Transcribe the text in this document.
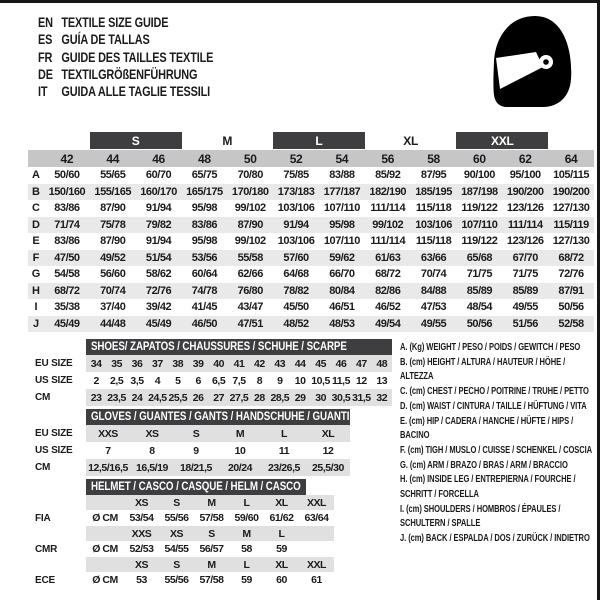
EN TEXTILE SIZE GUIDE
ES GUÍA DE TALLAS
FR GUIDE DES TAILLES TEXTILE
DE TEXTILGRÖßENFÜHRUNG
IT	GUIDA ALLE TAGLIE TESSILI
S	M	L	XL	XXL
42	44	46	48	50	52	54	56	58	60	62	64
A	50/60	55/65	60/70	65/75	70/80	75/85	83/88	85/92	87/95	90/100	95/100	105/115
B 150/160 155/165 160/170 165/175 170/180 173/183 177/187 182/190 185/195 187/198 190/200 190/200
C	83/86	87/90	91/94	95/98	99/102	103/106 107/110 111/114 115/118 119/122 123/126 127/130
D	71/74	75/78	79/82	83/86	87/90	91/94	95/98	99/102	103/106 107/110 111/114 115/119
E	83/86	87/90	91/94	95/98	99/102	103/106 107/110 111/114 115/118 119/122 123/126 127/130
F	47/50	49/52	51/54	53/56	55/58	57/60	59/62	61/63	63/66	65/68	67/70	68/72
G	54/58	56/60	58/62	60/64	62/66	64/68	66/70	68/72	70/74	71/75	71/75	72/76
H	68/72	70/74	72/76	74/78	76/80	78/82	80/84	82/86	84/88	85/89	85/89	87/91
I	35/38	37/40	39/42	41/45	43/47	45/50	46/51	46/52	47/53	48/54	49/55	50/56
J	45/49	44/48	45/49	46/50	47/51	48/52	48/53	49/54	49/55	50/56	51/56	52/58
SHOES/ ZAPATOS / CHAUSSURES / SCHUHE / SCARPE
EU SIZE	34 35 36 37 38 39 40 41 42 43 44 45 46 47 48
US SIZE	2	2,5 3,5	4	5	6	6,5 7,5	8	9	10 10,5 11,5 12 13
CM	23 23,5 24 24,5 25,5 26 27 27,5 28 28,5 29 30 30,5 31,5 32
GLOVES / GUANTES / GANTS / HANDSCHUHE / GUANTI
EU SIZE	XXS	XS	S	M	L	XL
US SIZE	7	8	9	10	11	12
CM	12,5/16,5 16,5/19	18/21,5	20/24	23/26,5	25,5/30
HELMET / CASCO / CASQUE / HELM / CASCO
XS	S	M	L	XL	XXL
FIA	Ø CM	53/54	55/56	57/58	59/60	61/62	63/64
XXS	XS	S	M	L
CMR	Ø CM	52/53	54/55	56/57	58	59
XS	S	M	L	XL	XXL
ECE	Ø CM	53	55/56	57/58	59	60	61
A. (Kg) WEIGHT / PESO / POIDS / GEWITCH / PESO
B. (cm) HEIGHT / ALTURA / HAUTEUR / HÖHE / ALTEZZA
C. (cm) CHEST / PECHO / POITRINE / TRUHE / PETTO
D. (cm) WAIST / CINTURA / TAILLE / HÜFTUNG / VITA
E. (cm) HIP / CADERA / HANCHE / HÜFTE / HIPS / BACINO
F. (cm) TIGH / MUSLO / CUISSE / SCHENKEL / COSCIA
G. (cm) ARM / BRAZO / BRAS / ARM / BRACCIO
H. (cm) INSIDE LEG / ENTREPIERNA / FOURCHE / SCHRITT / FORCELLA
I. (cm) SHOULDERS / HOMBROS / ÉPAULES / SCHULTERN / SPALLE
J. (cm) BACK / ESPALDA / DOS / ZURÜCK / INDIETRO
